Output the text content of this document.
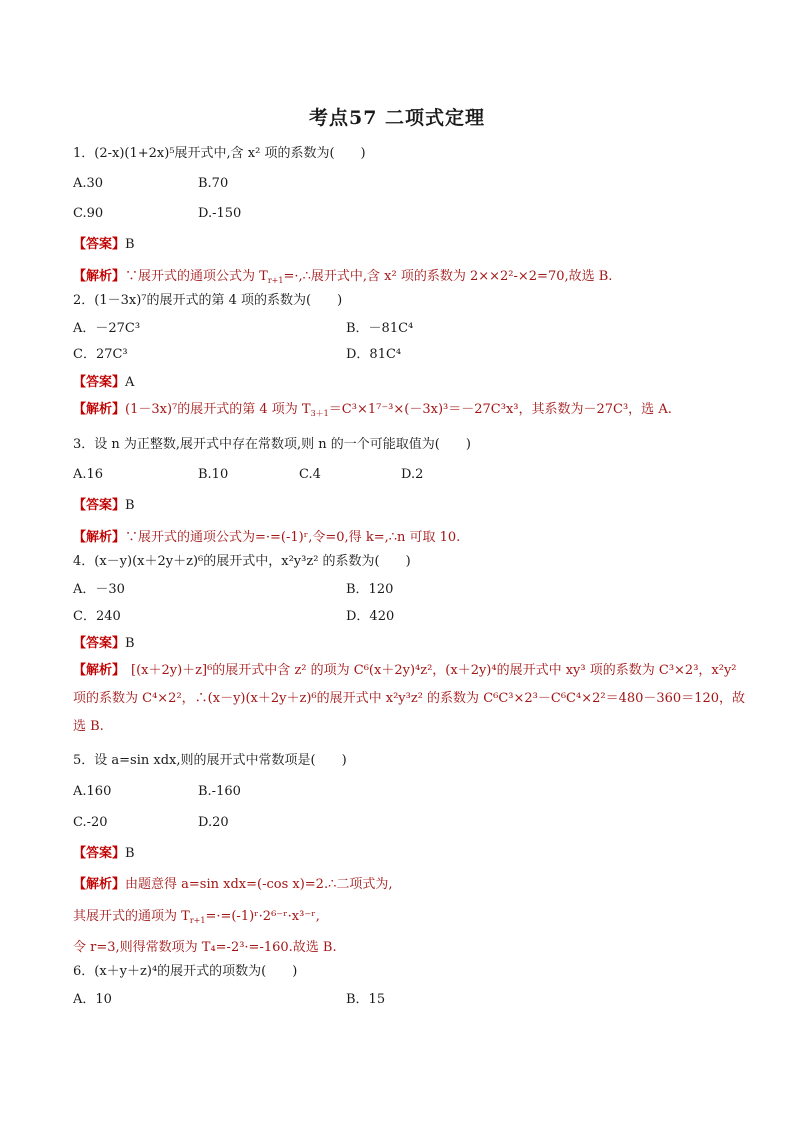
考点57 二项式定理
1．(2-x)(1+2x)⁵展开式中,含 x² 项的系数为(　　)
A.30	B.70
C.90	D.-150
【答案】B
【解析】∵展开式的通项公式为 $T_{r+1}=\cdot,\therefore$展开式中,含 x² 项的系数为 2××2²-×2=70,故选 B.
2．(1－3x)⁷的展开式的第 4 项的系数为(　　)
A．－27C³	B．－81C⁴
C．27C³	D．81C⁴
【答案】A
【解析】(1－3x)⁷的展开式的第 4 项为 $T_{3+1}=C^3\times 1^{7-3}\times(-3x)^3=-27C^3x^3$，其系数为－27C³，选 A.
3．设 n 为正整数,展开式中存在常数项,则 n 的一个可能取值为(　　)
A.16	B.10	C.4	D.2
【答案】B
【解析】∵展开式的通项公式为=·=(-1)ʳ,令=0,得 k=,∴n 可取 10.
4．(x－y)(x＋2y＋z)⁶的展开式中，x²y³z² 的系数为(　　)
A．－30	B．120
C．240	D．420
【答案】B
【解析】 [(x＋2y)＋z]⁶的展开式中含 z² 的项为 C⁶(x＋2y)⁴z²，(x＋2y)⁴的展开式中 xy³ 项的系数为 C³×2³，x²y²
项的系数为 C⁴×2²，∴(x－y)(x＋2y＋z)⁶的展开式中 x²y³z² 的系数为 C⁶C³×2³－C⁶C⁴×2²＝480－360＝120，故
选 B.
5．设 a=sin xdx,则的展开式中常数项是(　　)
A.160	B.-160
C.-20	D.20
【答案】B
【解析】由题意得 a=sin xdx=(-cos x)=2.∴二项式为,
其展开式的通项为 $T_{r+1}=\cdot=(-1)ʳ\cdot 2^{6-}ʳ\cdot x^{3-}ʳ$,
令 r=3,则得常数项为 T₄=-2³·=-160.故选 B.
6．(x＋y＋z)⁴的展开式的项数为(　　)
A．10	B．15
